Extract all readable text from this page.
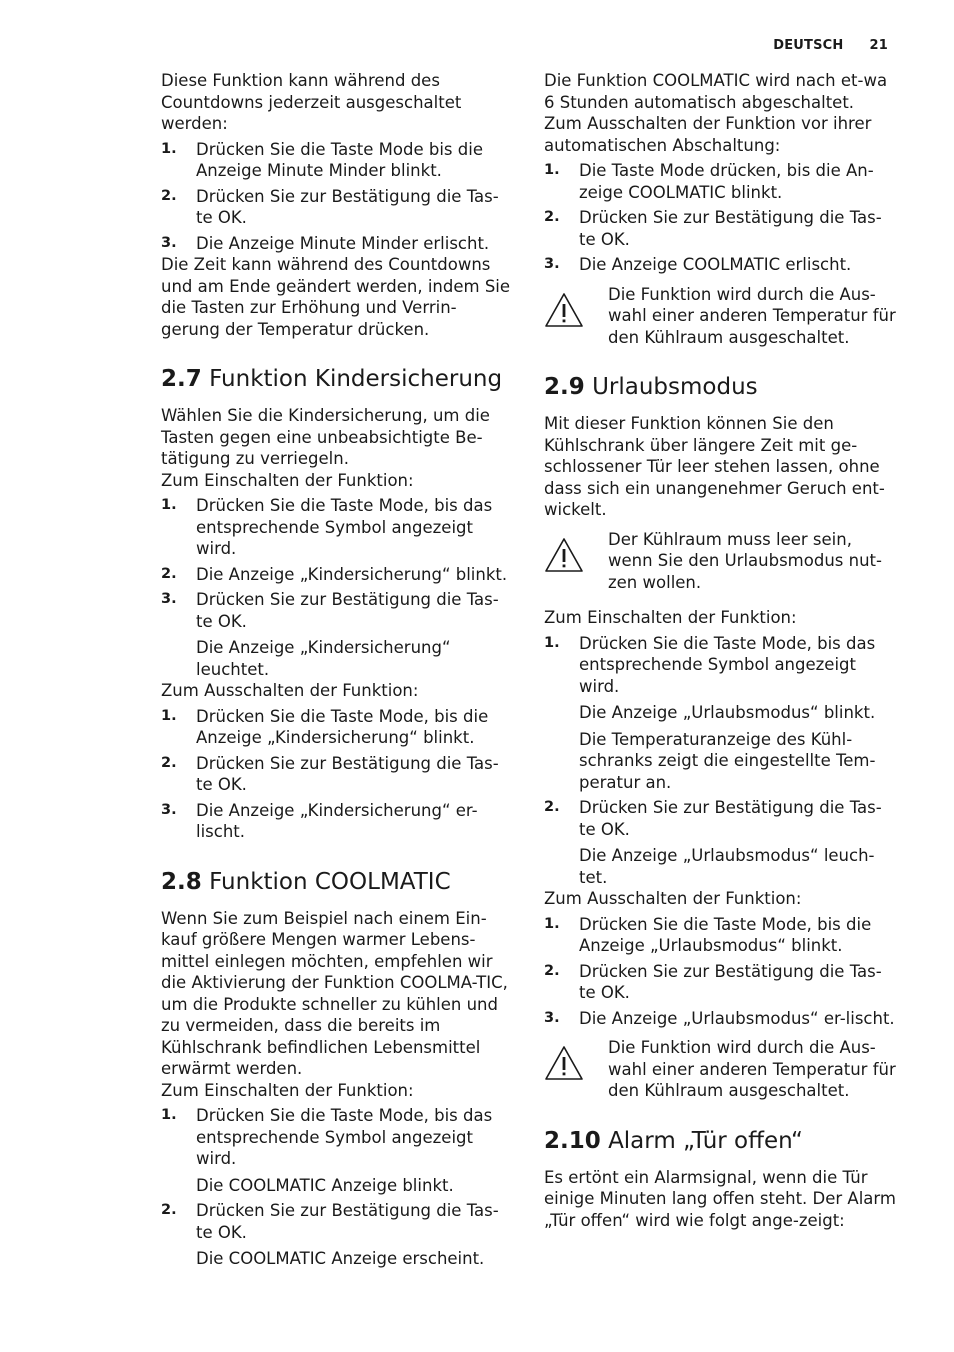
DEUTSCH 21

Diese Funktion kann während des Countdowns jederzeit ausgeschaltet werden:

1.	Drücken Sie die Taste Mode bis die Anzeige Minute Minder blinkt.
2.	Drücken Sie zur Bestätigung die Tas-te OK.
3.	Die Anzeige Minute Minder erlischt.

Die Zeit kann während des Countdowns und am Ende geändert werden, indem Sie die Tasten zur Erhöhung und Verrin-gerung der Temperatur drücken.

2.7 Funktion Kindersicherung

Wählen Sie die Kindersicherung, um die Tasten gegen eine unbeabsichtigte Be-tätigung zu verriegeln.

Zum Einschalten der Funktion:

1.	Drücken Sie die Taste Mode, bis das entsprechende Symbol angezeigt wird.
2.	Die Anzeige „Kindersicherung“ blinkt.
3.	Drücken Sie zur Bestätigung die Tas-te OK.

Die Anzeige „Kindersicherung“ leuchtet.

Zum Ausschalten der Funktion:

1.	Drücken Sie die Taste Mode, bis die Anzeige „Kindersicherung“ blinkt.
2.	Drücken Sie zur Bestätigung die Tas-te OK.
3.	Die Anzeige „Kindersicherung“ er-lischt.
2.8 Funktion COOLMATIC

Wenn Sie zum Beispiel nach einem Ein-kauf größere Mengen warmer Lebens-mittel einlegen möchten, empfehlen wir die Aktivierung der Funktion COOLMA-TIC, um die Produkte schneller zu kühlen und zu vermeiden, dass die bereits im Kühlschrank befindlichen Lebensmittel erwärmt werden.

Zum Einschalten der Funktion:

1.	Drücken Sie die Taste Mode, bis das entsprechende Symbol angezeigt wird.

Die COOLMATIC Anzeige blinkt.

2.	Drücken Sie zur Bestätigung die Tas-te OK.

Die COOLMATIC Anzeige erscheint.

Die Funktion COOLMATIC wird nach et-wa 6 Stunden automatisch abgeschaltet. Zum Ausschalten der Funktion vor ihrer automatischen Abschaltung:

1.	Die Taste Mode drücken, bis die An-zeige COOLMATIC blinkt.
2.	Drücken Sie zur Bestätigung die Tas-te OK.
3.	Die Anzeige COOLMATIC erlischt.

Die Funktion wird durch die Aus-wahl einer anderen Temperatur für den Kühlraum ausgeschaltet.

2.9 Urlaubsmodus

Mit dieser Funktion können Sie den Kühlschrank über längere Zeit mit ge-schlossener Tür leer stehen lassen, ohne dass sich ein unangenehmer Geruch ent-wickelt.

Der Kühlraum muss leer sein, wenn Sie den Urlaubsmodus nut-zen wollen.

Zum Einschalten der Funktion:

1.	Drücken Sie die Taste Mode, bis das entsprechende Symbol angezeigt wird.

Die Anzeige „Urlaubsmodus“ blinkt.

Die Temperaturanzeige des Kühl-schranks zeigt die eingestellte Tem-peratur an.

2.	Drücken Sie zur Bestätigung die Tas-te OK.

Die Anzeige „Urlaubsmodus“ leuch-tet.

Zum Ausschalten der Funktion:

1.	Drücken Sie die Taste Mode, bis die Anzeige „Urlaubsmodus“ blinkt.
2.	Drücken Sie zur Bestätigung die Tas-te OK.
3.	Die Anzeige „Urlaubsmodus“ er-lischt.

Die Funktion wird durch die Aus-wahl einer anderen Temperatur für den Kühlraum ausgeschaltet.

2.10 Alarm „Tür offen“

Es ertönt ein Alarmsignal, wenn die Tür einige Minuten lang offen steht. Der Alarm „Tür offen“ wird wie folgt ange-zeigt:
